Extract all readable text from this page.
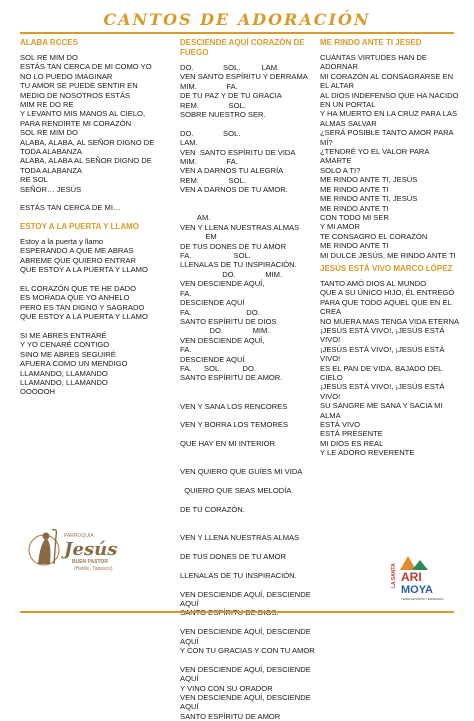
CANTOS DE ADORACIÓN
ALABA RCCES
SOL RE MIM DO
ESTÁS TAN CERCA DE MI COMO YO
NO LO PUEDO IMAGINAR
TU AMOR SE PUEDE SENTIR EN
MEDIO DE NOSOTROS ESTÁS
MIM RE DO RE
Y LEVANTO MIS MANOS AL CIELO,
PARA RENDIRTE MI CORAZÓN
SOL RE MIM DO
ALABA, ALABA, AL SEÑOR DIGNO DE
TODA ALABANZA
ALABA, ALABA AL SEÑOR DIGNO DE
TODA ALABANZA
RE SOL
SEÑOR… JESÚS
ESTÁS TAN CERCA DE MI…
ESTOY A LA PUERTA Y LLAMO
Estoy a la puerta y llamo
ESPERANDO A QUE ME ABRAS
ABREME QUE QUIERO ENTRAR
QUE ESTOY A LA PUERTA Y LLAMO
EL CORAZÓN QUE TE HE DADO
ES MORADA QUE YO ANHELO
PERO ES TAN DIGNO Y SAGRADO
QUE ESTOY A LA PUERTA Y LLAMO
SI ME ABRES ENTRARÉ
Y YO CENARÉ CONTIGO
SINO ME ABRES SEGUIRÉ
AFUERA COMO UN MENDIGO
LLAMANDO, LLAMANDO
LLAMANDO, LLAMANDO
OOOOOH
DESCIENDE AQUÍ CORAZÓN DE FUEGO
DO.              SOL.          LAM.
VEN SANTO ESPÍRITU Y DERRAMA
MIM.              FA.
DE TU PAZ Y DE TU GRACIA
REM.              SOL.
SOBRE NUESTRO SER.
DO.              SOL.
LAM.
VEN  SANTO ESPÍRITU DE VIDA
MIM.              FA.
VEN A DARNOS TU ALEGRÍA
REM.              SOL.
VEN A DARNOS DE TU AMOR.
AM.
VEN Y LLENA NUESTRAS ALMAS
EM
DE TUS DONES DE TU AMOR
FA.                    SOL.
LLENALAS DE TU INSPIRACIÓN.
DO.              MIM.
VEN DESCIENDE AQUÍ,
FA.
DESCIENDE AQUÍ
FA.                          DO.
SANTO ESPÍRITU DE DIOS
DO.              MIM.
VEN DESCIENDE AQUÍ,
FA.
DESCIENDE AQUÍ
FA.      SOL.          DO.
SANTO ESPÍRITU DE AMOR.
VEN Y SANA LOS RENCORES
VEN Y BORRA LOS TEMORES
QUE HAY EN MI INTERIOR
VEN QUIERO QUE GUÍES MI VIDA
QUIERO QUE SEAS MELODÍA
DE TU CORAZÓN.
VEN Y LLENA NUESTRAS ALMAS
DE TUS DONES DE TU AMOR
LLENALAS DE TU INSPIRACIÓN.
VEN DESCIENDE AQUÍ, DESCIENDE AQUÍ
VEN DESCIENDE AQUÍ, DESCIENDE AQUÍ
Y CON TU GRACIAS Y CON TU AMOR
VEN DESCIENDE AQUÍ, DESCIENDE AQUÍ
Y VINO CON SU ORADOR
VEN DESCIENDE AQUÍ, DESCIENDE AQUÍ
SANTO ESPÍRITU DE AMOR
ME RINDO ANTE TI JESED
CUÁNTAS VIRTUDES HAN DE
ADORNAR
MI CORAZÓN AL CONSAGRARSE EN
EL ALTAR
AL DIOS INDEFENSO QUE HA NACIDO
EN UN PORTAL
Y HA MUERTO EN LA CRUZ PARA LAS
ALMAS SALVAR
¿SERÁ POSIBLE TANTO AMOR PARA
MÍ?
¿TENDRÉ YO EL VALOR PARA AMARTE
SOLO A TI?
ME RINDO ANTE TI, JESÚS
ME RINDO ANTE TI
ME RINDO ANTE TI, JESÚS
ME RINDO ANTE TI
CON TODO MI SER
Y MI AMOR
TE CONSAGRO EL CORAZÓN
ME RINDO ANTE TI
MI DULCE JESÚS, ME RINDO ANTE TI
JESÚS ESTÁ VIVO MARCO LÓPEZ
TANTO AMÓ DIOS AL MUNDO
QUE A SU ÚNICO HIJO, ÉL ENTREGÓ
PARA QUE TODO AQUEL QUE EN ÉL
CREA
NO MUERA MAS TENGA VIDA ETERNA
¡JESÚS ESTÁ VIVO!, ¡JESÚS ESTÁ VIVO!
¡JESÚS ESTÁ VIVO!, ¡JESÚS ESTÁ VIVO!
ES EL PAN DE VIDA, BAJADO DEL
CIELO
¡JESÚS ESTÁ VIVO!, ¡JESÚS ESTÁ VIVO!
SU SANGRE ME SANA Y SACIA MI
ALMA
ESTÁ VIVO
ESTÁ PRESENTE
MI DIOS ES REAL
Y LE ADORO REVERENTE
PARROQUIA
Jesús
BUEN PASTOR
(Hatillo, Tabasco)	LA SANTA ARI
MOYA
TIERRA DE MISIÓN Y ESPERANZA
